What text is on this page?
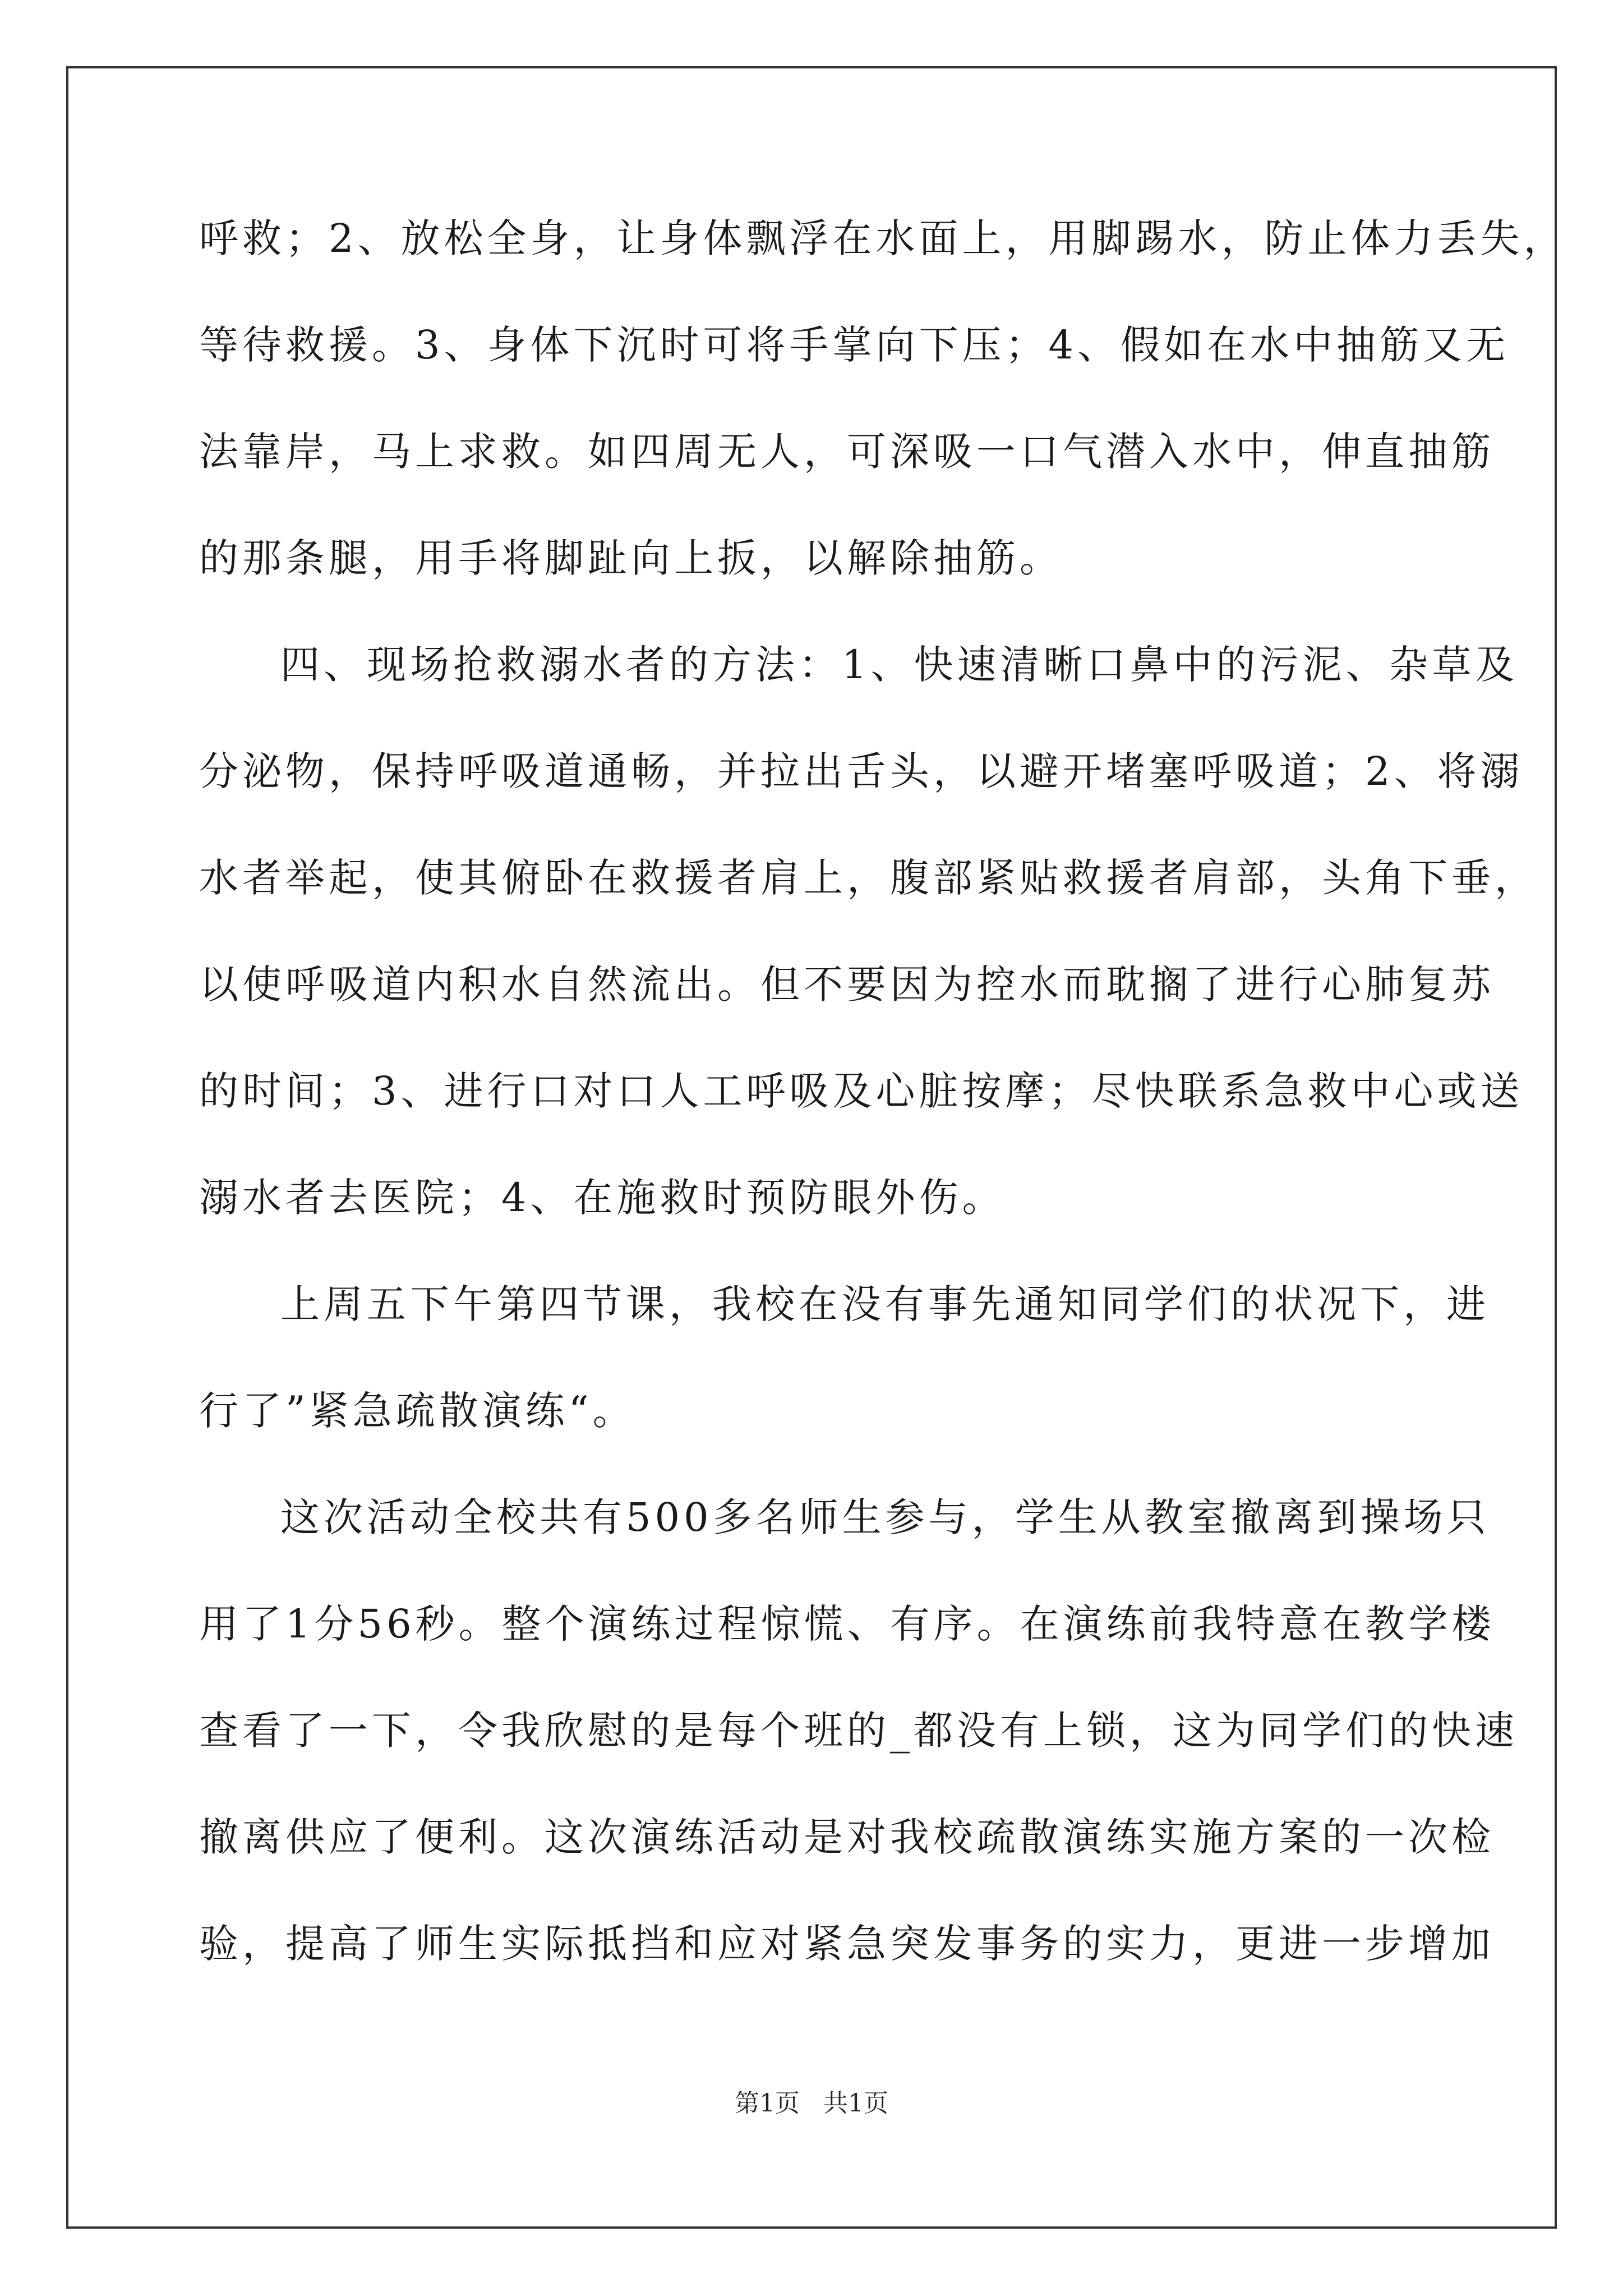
呼救；2、放松全身，让身体飘浮在水面上，用脚踢水，防止体力丢失，
等待救援。3、身体下沉时可将手掌向下压；4、假如在水中抽筋又无
法靠岸，马上求救。如四周无人，可深吸一口气潜入水中，伸直抽筋
的那条腿，用手将脚趾向上扳，以解除抽筋。
四、现场抢救溺水者的方法：1、快速清晰口鼻中的污泥、杂草及
分泌物，保持呼吸道通畅，并拉出舌头，以避开堵塞呼吸道；2、将溺
水者举起，使其俯卧在救援者肩上，腹部紧贴救援者肩部，头角下垂，
以使呼吸道内积水自然流出。但不要因为控水而耽搁了进行心肺复苏
的时间；3、进行口对口人工呼吸及心脏按摩；尽快联系急救中心或送
溺水者去医院；4、在施救时预防眼外伤。
上周五下午第四节课，我校在没有事先通知同学们的状况下，进
行了”紧急疏散演练“。
这次活动全校共有500多名师生参与，学生从教室撤离到操场只
用了1分56秒。整个演练过程惊慌、有序。在演练前我特意在教学楼
查看了一下，令我欣慰的是每个班的_都没有上锁，这为同学们的快速
撤离供应了便利。这次演练活动是对我校疏散演练实施方案的一次检
验，提高了师生实际抵挡和应对紧急突发事务的实力，更进一步增加
第1页   共1页
